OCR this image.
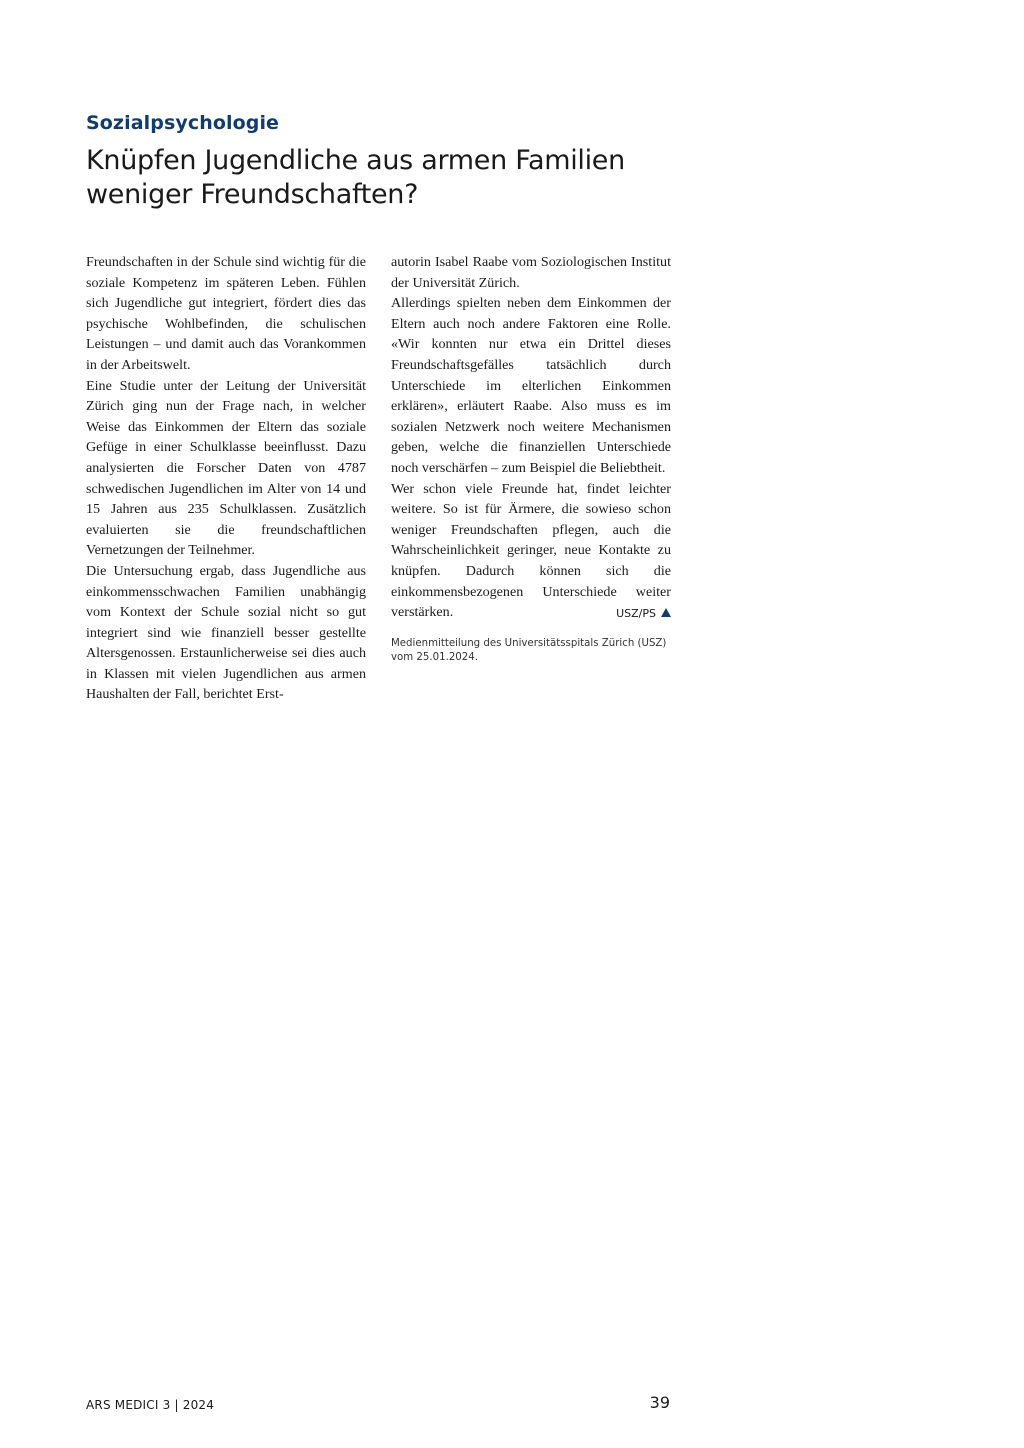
Sozialpsychologie
Knüpfen Jugendliche aus armen Familien weniger Freundschaften?

Freundschaften in der Schule sind wichtig für die soziale Kompetenz im späteren Leben. Fühlen sich Jugendliche gut integriert, fördert dies das psychische Wohlbefinden, die schulischen Leistungen – und damit auch das Vorankommen in der Arbeitswelt.

Eine Studie unter der Leitung der Universität Zürich ging nun der Frage nach, in welcher Weise das Einkommen der Eltern das soziale Gefüge in einer Schulklasse beeinflusst. Dazu analysierten die Forscher Daten von 4787 schwedischen Jugendlichen im Alter von 14 und 15 Jahren aus 235 Schulklassen. Zusätzlich evaluierten sie die freundschaftlichen Vernetzungen der Teilnehmer.

Die Untersuchung ergab, dass Jugendliche aus einkommensschwachen Familien unabhängig vom Kontext der Schule sozial nicht so gut integriert sind wie finanziell besser gestellte Altersgenossen. Erstaunlicherweise sei dies auch in Klassen mit vielen Jugendlichen aus armen Haushalten der Fall, berichtet Erst-

autorin Isabel Raabe vom Soziologischen Institut der Universität Zürich.

Allerdings spielten neben dem Einkommen der Eltern auch noch andere Faktoren eine Rolle. «Wir konnten nur etwa ein Drittel dieses Freundschaftsgefälles tatsächlich durch Unterschiede im elterlichen Einkommen erklären», erläutert Raabe. Also muss es im sozialen Netzwerk noch weitere Mechanismen geben, welche die finanziellen Unterschiede noch verschärfen – zum Beispiel die Beliebtheit.

Wer schon viele Freunde hat, findet leichter weitere. So ist für Ärmere, die sowieso schon weniger Freundschaften pflegen, auch die Wahrscheinlichkeit geringer, neue Kontakte zu knüpfen. Dadurch können sich die einkommensbezogenen Unterschiede weiter verstärken.	USZ/PS

Medienmitteilung des Universitätsspitals Zürich (USZ) vom 25.01.2024.

ARS MEDICI 3 | 2024	39
